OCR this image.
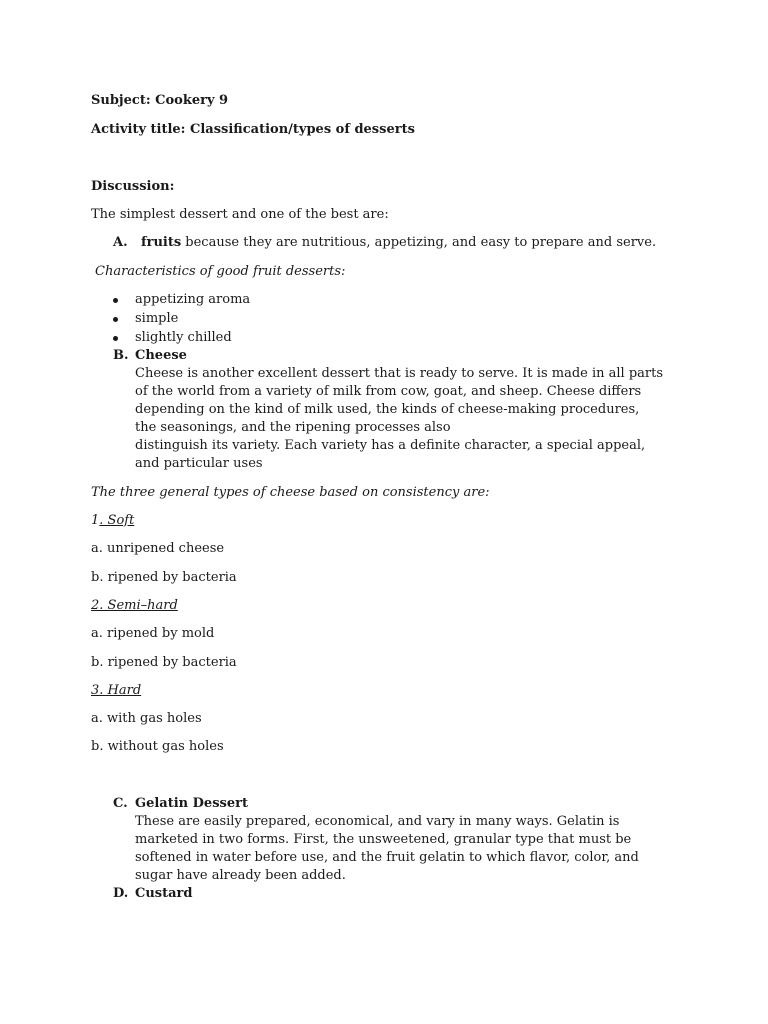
Subject: Cookery 9
Activity title: Classification/types of desserts
Discussion:
The simplest dessert and one of the best are:
A. fruits because they are nutritious, appetizing, and easy to prepare and serve.
Characteristics of good fruit desserts:
appetizing aroma
simple
slightly chilled
B. Cheese
Cheese is another excellent dessert that is ready to serve. It is made in all parts
of the world from a variety of milk from cow, goat, and sheep. Cheese differs
depending on the kind of milk used, the kinds of cheese-making procedures,
the seasonings, and the ripening processes also
distinguish its variety. Each variety has a definite character, a special appeal,
and particular uses
The three general types of cheese based on consistency are:
1. Soft
a. unripened cheese
b. ripened by bacteria
2. Semi–hard
a. ripened by mold
b. ripened by bacteria
3. Hard
a. with gas holes
b. without gas holes
C. Gelatin Dessert
These are easily prepared, economical, and vary in many ways. Gelatin is
marketed in two forms. First, the unsweetened, granular type that must be
softened in water before use, and the fruit gelatin to which flavor, color, and
sugar have already been added.
D. Custard
